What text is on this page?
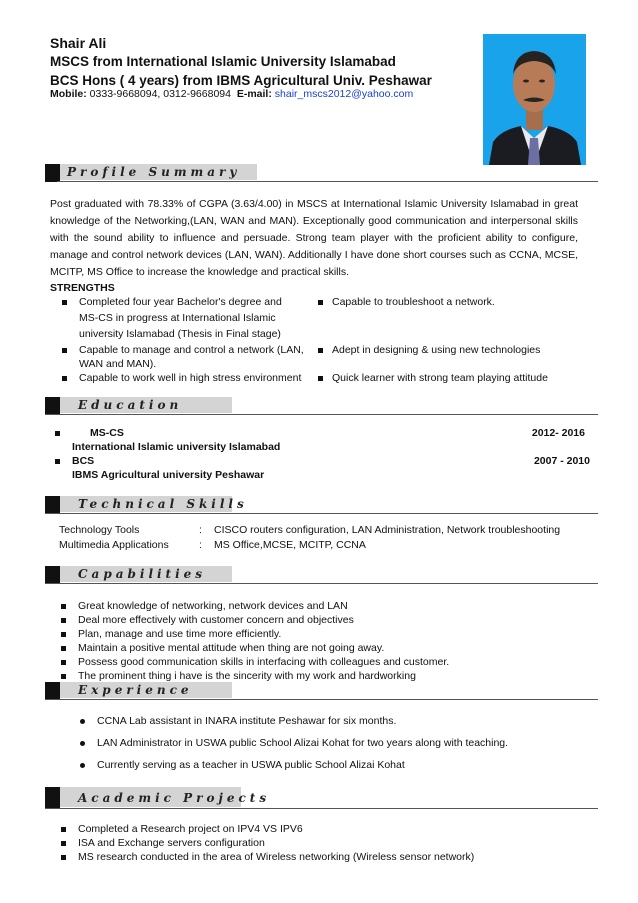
Shair Ali
MSCS from International Islamic University Islamabad
BCS Hons ( 4 years) from IBMS Agricultural Univ. Peshawar
Mobile: 0333-9668094, 0312-9668094 E-mail: shair_mscs2012@yahoo.com
Profile Summary
Post graduated with 78.33% of CGPA (3.63/4.00) in MSCS at International Islamic University Islamabad in great knowledge of the Networking,(LAN, WAN and MAN). Exceptionally good communication and interpersonal skills with the sound ability to influence and persuade. Strong team player with the proficient ability to configure, manage and control network devices (LAN, WAN). Additionally I have done short courses such as CCNA, MCSE, MCITP, MS Office to increase the knowledge and practical skills.
STRENGTHS
Completed four year Bachelor's degree and
MS-CS in progress at International Islamic
university Islamabad (Thesis in Final stage)
Capable to manage and control a network (LAN,
WAN and MAN).
Capable to work well in high stress environment
Capable to troubleshoot a network.
Adept in designing & using new technologies
Quick learner with strong team playing attitude
Education
MS-CS	2012- 2016
International Islamic university Islamabad
BCS	2007 - 2010
IBMS Agricultural university Peshawar
Technical Skills
Technology Tools	: CISCO routers configuration, LAN Administration, Network troubleshooting
Multimedia Applications	: MS Office,MCSE, MCITP, CCNA
Capabilities
Great knowledge of networking, network devices and LAN
Deal more effectively with customer concern and objectives
Plan, manage and use time more efficiently.
Maintain a positive mental attitude when thing are not going away.
Possess good communication skills in interfacing with colleagues and customer.
The prominent thing i have is the sincerity with my work and hardworking
Experience
CCNA Lab assistant in INARA institute Peshawar for six months.
LAN Administrator in USWA public School Alizai Kohat for two years along with teaching.
Currently serving as a teacher in USWA public School Alizai Kohat
Academic Projects
Completed a Research project on IPV4 VS IPV6
ISA and Exchange servers configuration
MS research conducted in the area of Wireless networking (Wireless sensor network)
